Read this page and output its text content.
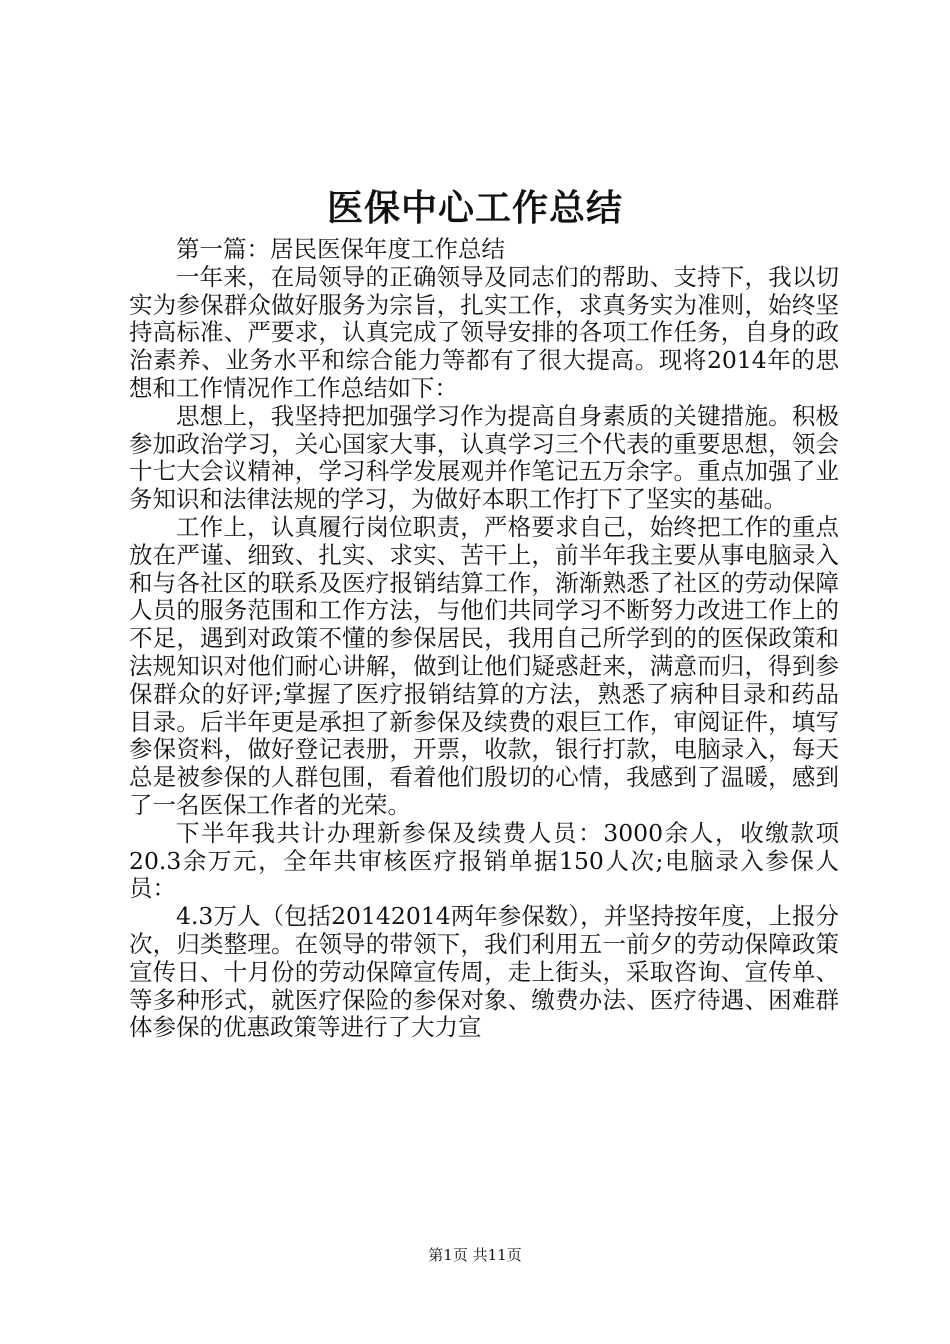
医保中心工作总结

第一篇：居民医保年度工作总结

一年来，在局领导的正确领导及同志们的帮助、支持下，我以切实为参保群众做好服务为宗旨，扎实工作，求真务实为准则，始终坚持高标准、严要求，认真完成了领导安排的各项工作任务，自身的政治素养、业务水平和综合能力等都有了很大提高。现将2014年的思想和工作情况作工作总结如下：

思想上，我坚持把加强学习作为提高自身素质的关键措施。积极参加政治学习，关心国家大事，认真学习三个代表的重要思想，领会十七大会议精神，学习科学发展观并作笔记五万余字。重点加强了业务知识和法律法规的学习，为做好本职工作打下了坚实的基础。

工作上，认真履行岗位职责，严格要求自己，始终把工作的重点放在严谨、细致、扎实、求实、苦干上，前半年我主要从事电脑录入和与各社区的联系及医疗报销结算工作，渐渐熟悉了社区的劳动保障人员的服务范围和工作方法，与他们共同学习不断努力改进工作上的不足，遇到对政策不懂的参保居民，我用自己所学到的的医保政策和法规知识对他们耐心讲解，做到让他们疑惑赶来，满意而归，得到参保群众的好评;掌握了医疗报销结算的方法，熟悉了病种目录和药品目录。后半年更是承担了新参保及续费的艰巨工作，审阅证件，填写参保资料，做好登记表册，开票，收款，银行打款，电脑录入，每天总是被参保的人群包围，看着他们殷切的心情，我感到了温暖，感到了一名医保工作者的光荣。

下半年我共计办理新参保及续费人员：3000余人，收缴款项20.3余万元，全年共审核医疗报销单据150人次;电脑录入参保人员：

4.3万人（包括20142014两年参保数），并坚持按年度，上报分次，归类整理。在领导的带领下，我们利用五一前夕的劳动保障政策宣传日、十月份的劳动保障宣传周，走上街头，采取咨询、宣传单、等多种形式，就医疗保险的参保对象、缴费办法、医疗待遇、困难群体参保的优惠政策等进行了大力宣

第1页 共11页
